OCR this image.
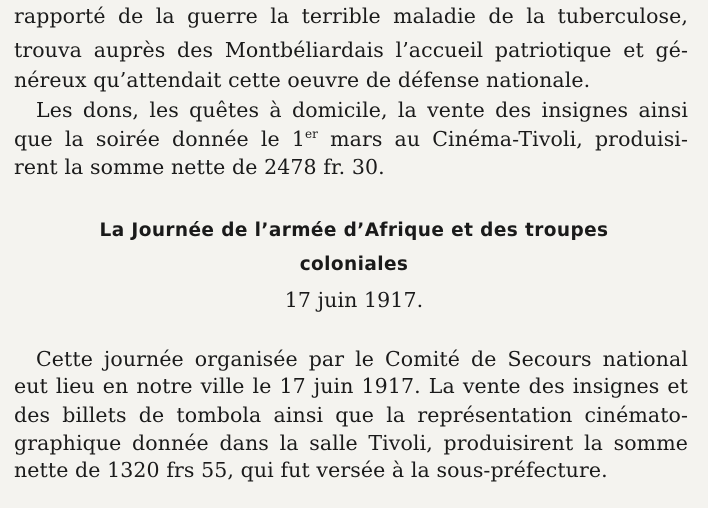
rapporté de la guerre la terrible maladie de la tuberculose,
trouva auprès des Montbéliardais l’accueil patriotique et gé-
néreux qu’attendait cette oeuvre de défense nationale.
Les dons, les quêtes à domicile, la vente des insignes ainsi
que la soirée donnée le 1er mars au Cinéma-Tivoli, produisi-
rent la somme nette de 2478 fr. 30.
La Journée de l’armée d’Afrique et des troupes
coloniales
17 juin 1917.
Cette journée organisée par le Comité de Secours national
eut lieu en notre ville le 17 juin 1917. La vente des insignes et
des billets de tombola ainsi que la représentation cinémato-
graphique donnée dans la salle Tivoli, produisirent la somme
nette de 1320 frs 55, qui fut versée à la sous-préfecture.
